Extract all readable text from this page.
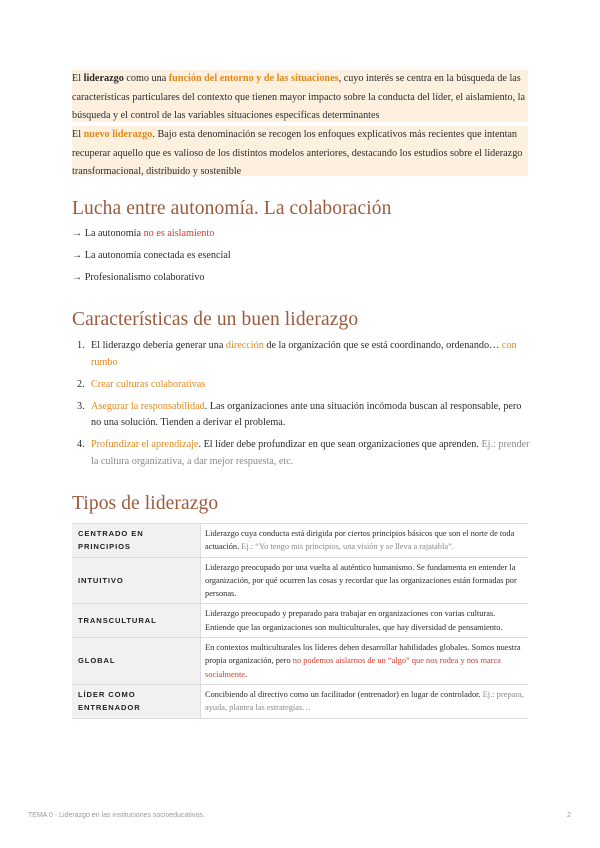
El liderazgo como una función del entorno y de las situaciones, cuyo interés se centra en la búsqueda de las características particulares del contexto que tienen mayor impacto sobre la conducta del líder, el aislamiento, la búsqueda y el control de las variables situaciones específicas determinantes

El nuevo liderazgo. Bajo esta denominación se recogen los enfoques explicativos más recientes que intentan recuperar aquello que es valioso de los distintos modelos anteriores, destacando los estudios sobre el liderazgo transformacional, distribuido y sostenible

Lucha entre autonomía. La colaboración
→ La autonomía no es aislamiento
→ La autonomía conectada es esencial
→ Profesionalismo colaborativo
Características de un buen liderazgo
1. El liderazgo debería generar una dirección de la organización que se está coordinando, ordenando… con rumbo
2. Crear culturas colaborativas
3. Asegurar la responsabilidad. Las organizaciones ante una situación incómoda buscan al responsable, pero no una solución. Tienden a derivar el problema.
4. Profundizar el aprendizaje. El líder debe profundizar en que sean organizaciones que aprenden. Ej.: prender la cultura organizativa, a dar mejor respuesta, etc.
Tipos de liderazgo
CENTRADO EN PRINCIPIOS	Liderazgo cuya conducta está dirigida por ciertos principios básicos que son el norte de toda actuación. Ej.: “Yo tengo mis principios, una visión y se lleva a rajatabla”.
INTUITIVO	Liderazgo preocupado por una vuelta al auténtico humanismo. Se fundamenta en entender la organización, por qué ocurren las cosas y recordar que las organizaciones están formadas por personas.
TRANSCULTURAL	Liderazgo preocupado y preparado para trabajar en organizaciones con varias culturas. Entiende que las organizaciones son multiculturales, que hay diversidad de pensamiento.
GLOBAL	En contextos multiculturales los líderes deben desarrollar habilidades globales. Somos nuestra propia organización, pero no podemos aislarnos de un “algo” que nos rodea y nos marca socialmente.
LÍDER COMO ENTRENADOR	Concibiendo al directivo como un facilitador (entrenador) en lugar de controlador. Ej.: prepara, ayuda, plantea las estrategias…
TEMA 0 - Liderazgo en las instituciones socioeducativas.	2
